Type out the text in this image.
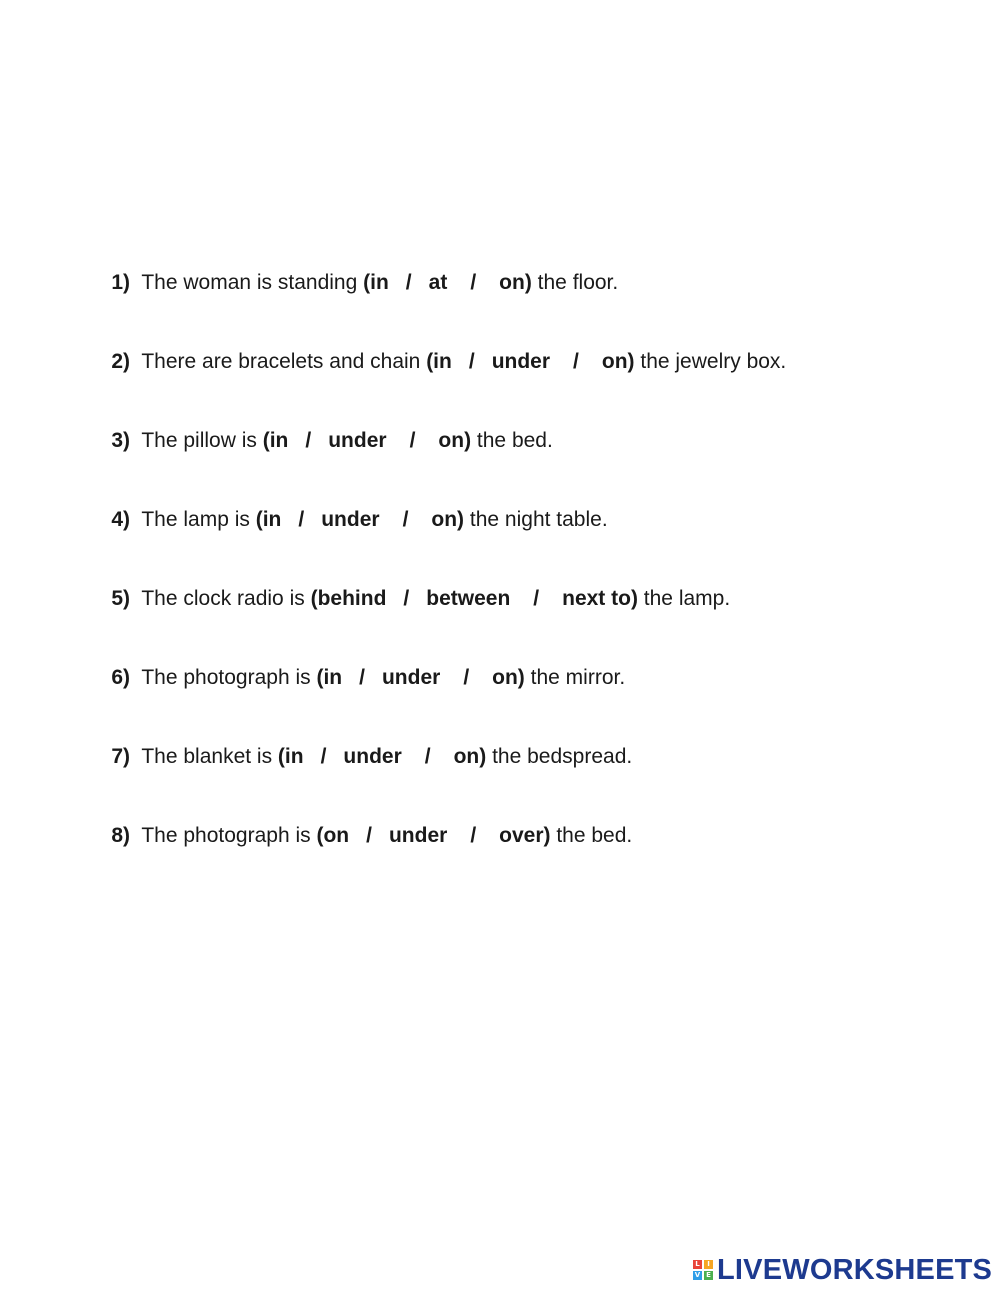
1) The woman is standing (in / at / on) the floor.

2) There are bracelets and chain (in / under / on) the jewelry box.

3) The pillow is (in / under / on) the bed.

4) The lamp is (in / under / on) the night table.

5) The clock radio is (behind / between / next to) the lamp.

6) The photograph is (in / under / on) the mirror.

7) The blanket is (in / under / on) the bedspread.

8) The photograph is (on / under / over) the bed.

L	I
V E LIVEWORKSHEETS
